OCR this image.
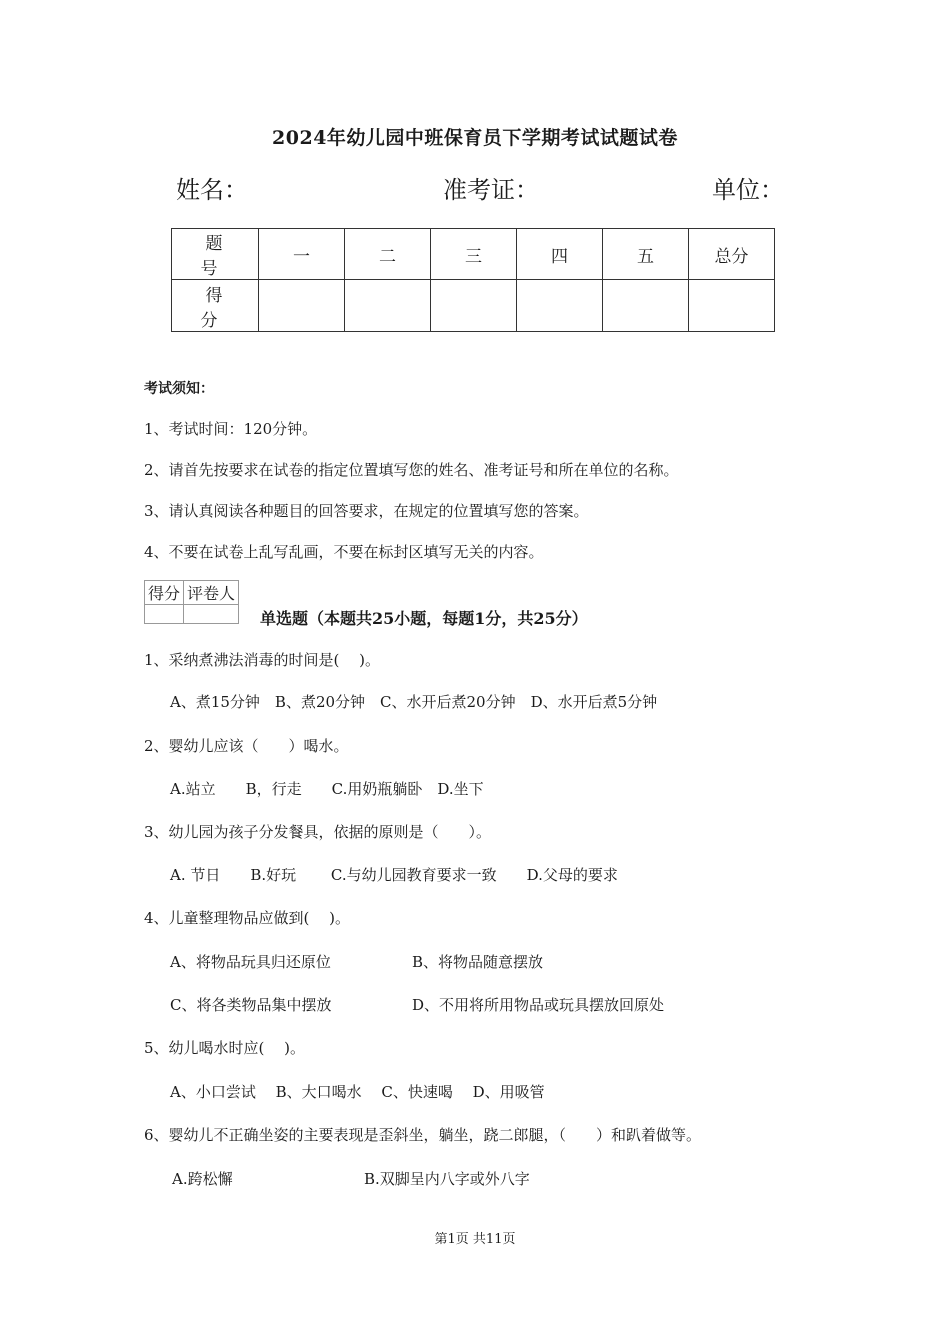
2024年幼儿园中班保育员下学期考试试题试卷
姓名：	准考证：	单位：
题　号	一	二	三	四	五	总分
得　分						
考试须知：
1、考试时间：120分钟。
2、请首先按要求在试卷的指定位置填写您的姓名、准考证号和所在单位的名称。
3、请认真阅读各种题目的回答要求，在规定的位置填写您的答案。
4、不要在试卷上乱写乱画，不要在标封区填写无关的内容。
得分	评卷人

单选题（本题共25小题，每题1分，共25分）
1、采纳煮沸法消毒的时间是(　 )。
A、煮15分钟　B、煮20分钟　C、水开后煮20分钟　D、水开后煮5分钟
2、婴幼儿应该（　　）喝水。
A.站立　　B，行走　　C.用奶瓶躺卧　D.坐下
3、幼儿园为孩子分发餐具，依据的原则是（　　）。
A. 节日　　B.好玩　　 C.与幼儿园教育要求一致　　D.父母的要求
4、儿童整理物品应做到(　 )。
A、将物品玩具归还原位	B、将物品随意摆放
C、将各类物品集中摆放	D、不用将所用物品或玩具摆放回原处
5、幼儿喝水时应(　 )。
A、小口尝试　 B、大口喝水　 C、快速喝　 D、用吸管
6、婴幼儿不正确坐姿的主要表现是歪斜坐，躺坐，跷二郎腿，（　　）和趴着做等。
A.跨松懈	B.双脚呈内八字或外八字
第1页 共11页
